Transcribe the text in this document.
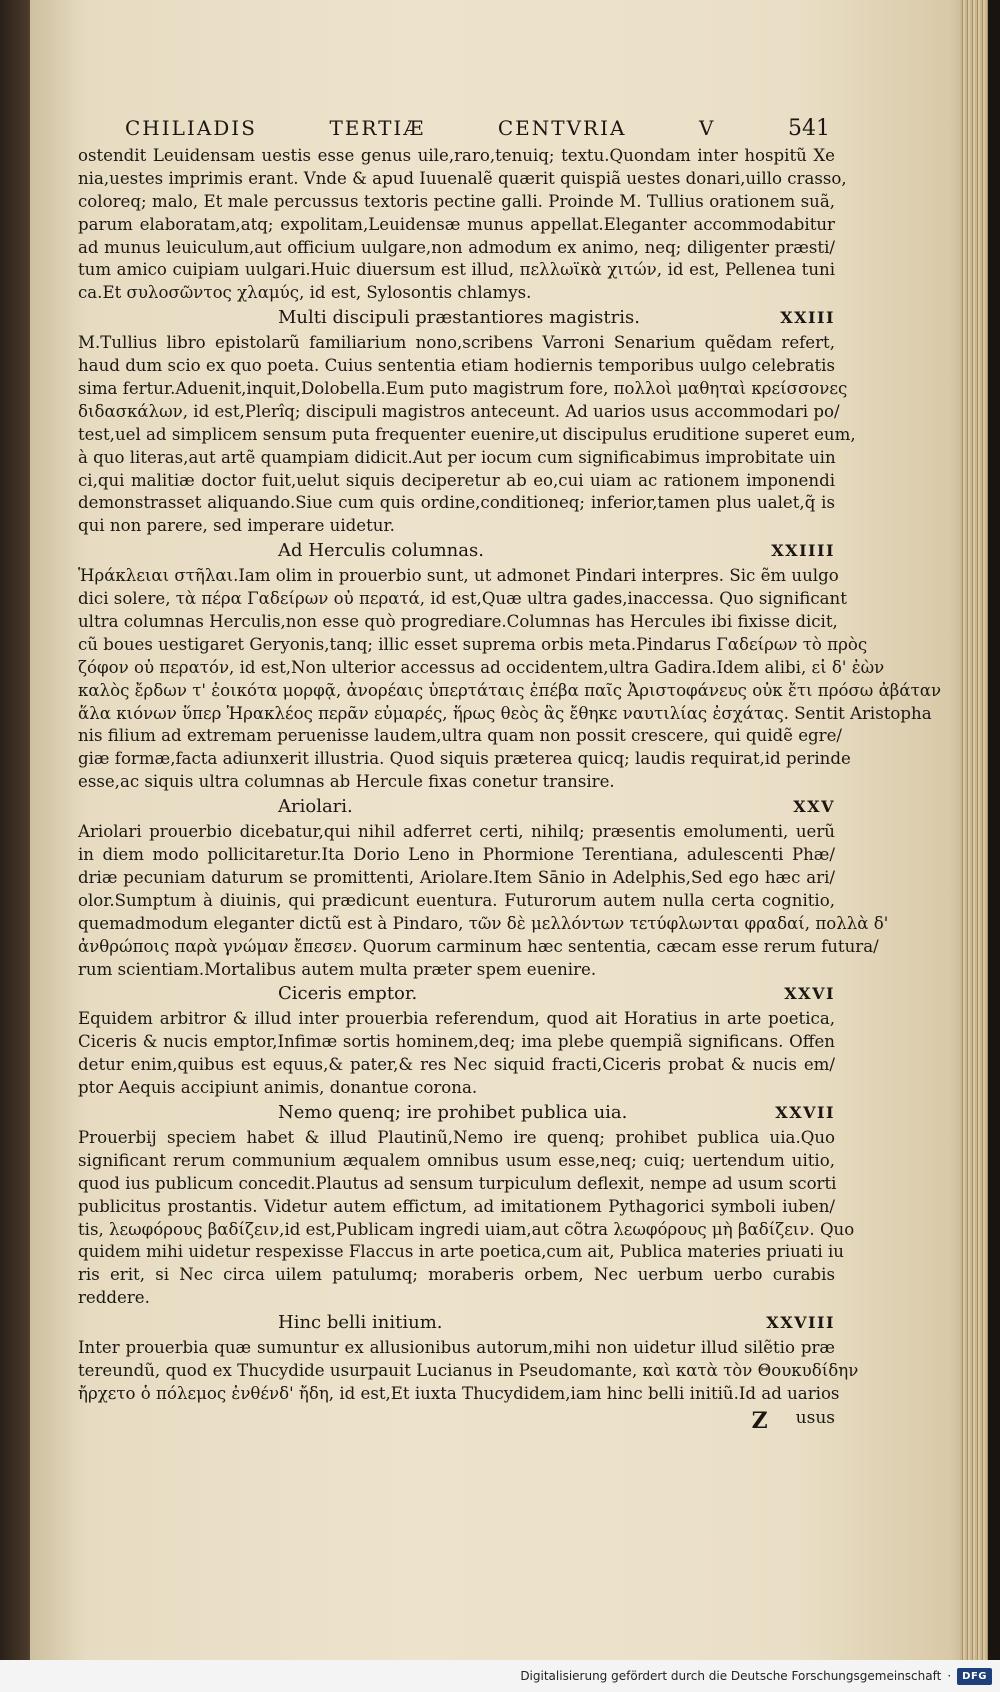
CHILIADIS	TERTIÆ	CENTVRIA	V	541
ostendit Leuidensam uestis esse genus uile,raro,tenuiq; textu.Quondam inter hospitũ Xe
nia,uestes imprimis erant. Vnde & apud Iuuenalẽ quærit quispiã uestes donari,uillo crasso,
coloreq; malo, Et male percussus textoris pectine galli. Proinde M. Tullius orationem suã,
parum elaboratam,atq; expolitam,Leuidensæ munus appellat.Eleganter accommodabitur
ad munus leuiculum,aut officium uulgare,non admodum ex animo, neq; diligenter præsti/
tum amico cuipiam uulgari.Huic diuersum est illud, πελλωϊκὰ χιτών, id est, Pellenea tuni
ca.Et συλοσῶντος χλαμύς, id est, Sylosontis chlamys.
Multi discipuli præstantiores magistris.	XXIII
M.Tullius libro epistolarũ familiarium nono,scribens Varroni Senarium quẽdam refert,
haud dum scio ex quo poeta. Cuius sententia etiam hodiernis temporibus uulgo celebratis
sima fertur.Aduenit,inquit,Dolobella.Eum puto magistrum fore, πολλοὶ μαθηταὶ κρείσσονες
διδασκάλων, id est,Plerîq; discipuli magistros anteceunt. Ad uarios usus accommodari po/
test,uel ad simplicem sensum puta frequenter euenire,ut discipulus eruditione superet eum,
à quo literas,aut artẽ quampiam didicit.Aut per iocum cum significabimus improbitate uin
ci,qui malitiæ doctor fuit,uelut siquis deciperetur ab eo,cui uiam ac rationem imponendi
demonstrasset aliquando.Siue cum quis ordine,conditioneq; inferior,tamen plus ualet,q̃ is
qui non parere, sed imperare uidetur.
Ad Herculis columnas.	XXIIII
Ἡράκλειαι στῆλαι.Iam olim in prouerbio sunt, ut admonet Pindari interpres. Sic ẽm uulgo
dici solere, τὰ πέρα Γαδείρων οὐ περατά, id est,Quæ ultra gades,inaccessa. Quo significant
ultra columnas Herculis,non esse quò progrediare.Columnas has Hercules ibi fixisse dicit,
cũ boues uestigaret Geryonis,tanq; illic esset suprema orbis meta.Pindarus Γαδείρων τὸ πρὸς
ζόφον οὐ περατόν, id est,Non ulterior accessus ad occidentem,ultra Gadira.Idem alibi, εἰ δ' ἐὼν
καλὸς ἔρδων τ' ἐοικότα μορφᾷ, ἀνορέαις ὑπερτάταις ἐπέβα παῖς Ἀριστοφάνευς οὐκ ἔτι πρόσω ἀβάταν
ἅλα κιόνων ὕπερ Ἡρακλέος περᾶν εὐμαρές, ἥρως θεὸς ἃς ἔθηκε ναυτιλίας ἐσχάτας. Sentit Aristopha
nis filium ad extremam peruenisse laudem,ultra quam non possit crescere, qui quidẽ egre/
giæ formæ,facta adiunxerit illustria. Quod siquis præterea quicq; laudis requirat,id perinde
esse,ac siquis ultra columnas ab Hercule fixas conetur transire.
Ariolari.	XXV
Ariolari prouerbio dicebatur,qui nihil adferret certi, nihilq; præsentis emolumenti, uerũ
in diem modo pollicitaretur.Ita Dorio Leno in Phormione Terentiana, adulescenti Phæ/
driæ pecuniam daturum se promittenti, Ariolare.Item Sānio in Adelphis,Sed ego hæc ari/
olor.Sumptum à diuinis, qui prædicunt euentura. Futurorum autem nulla certa cognitio,
quemadmodum eleganter dictũ est à Pindaro, τῶν δὲ μελλόντων τετύφλωνται φραδαί, πολλὰ δ'
ἀνθρώποις παρὰ γνώμαν ἔπεσεν. Quorum carminum hæc sententia, cæcam esse rerum futura/
rum scientiam.Mortalibus autem multa præter spem euenire.
Ciceris emptor.	XXVI
Equidem arbitror & illud inter prouerbia referendum, quod ait Horatius in arte poetica,
Ciceris & nucis emptor,Infimæ sortis hominem,deq; ima plebe quempiã significans. Offen
detur enim,quibus est equus,& pater,& res Nec siquid fracti,Ciceris probat & nucis em/
ptor Aequis accipiunt animis, donantue corona.
Nemo quenq; ire prohibet publica uia.	XXVII
Prouerbij speciem habet & illud Plautinũ,Nemo ire quenq; prohibet publica uia.Quo
significant rerum communium æqualem omnibus usum esse,neq; cuiq; uertendum uitio,
quod ius publicum concedit.Plautus ad sensum turpiculum deflexit, nempe ad usum scorti
publicitus prostantis. Videtur autem effictum, ad imitationem Pythagorici symboli iuben/
tis, λεωφόρους βαδίζειν,id est,Publicam ingredi uiam,aut cõtra λεωφόρους μὴ βαδίζειν. Quo
quidem mihi uidetur respexisse Flaccus in arte poetica,cum ait, Publica materies priuati iu
ris erit, si Nec circa uilem patulumq; moraberis orbem, Nec uerbum uerbo curabis
reddere.
Hinc belli initium.	XXVIII
Inter prouerbia quæ sumuntur ex allusionibus autorum,mihi non uidetur illud silẽtio præ
tereundũ, quod ex Thucydide usurpauit Lucianus in Pseudomante, καὶ κατὰ τὸν Θουκυδίδην
ἤρχετο ὁ πόλεμος ἐνθένδ' ἤδη, id est,Et iuxta Thucydidem,iam hinc belli initiũ.Id ad uarios
Z usus
Digitalisierung gefördert durch die Deutsche Forschungsgemeinschaft ·	DFG
